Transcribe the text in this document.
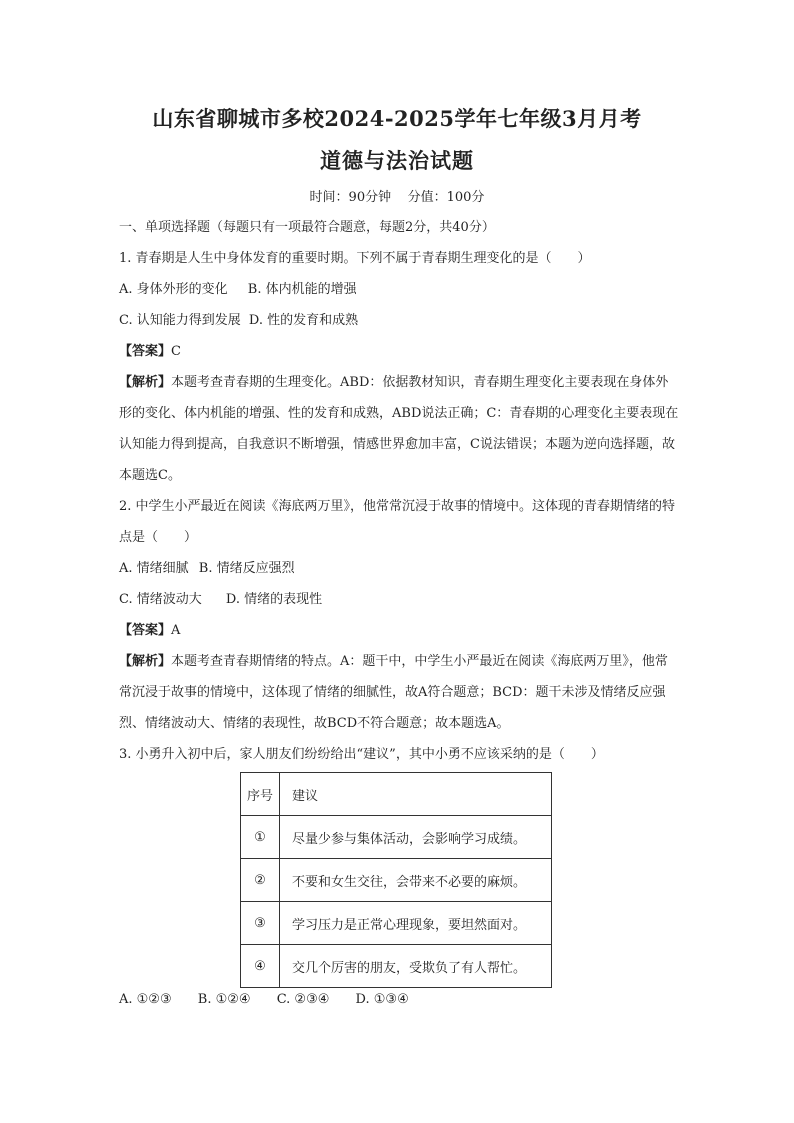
山东省聊城市多校2024-2025学年七年级3月月考
道德与法治试题
时间：90分钟    分值：100分

一、单项选择题（每题只有一项最符合题意，每题2分，共40分）

1. 青春期是人生中身体发育的重要时期。下列不属于青春期生理变化的是（　　）

A. 身体外形的变化 B. 体内机能的增强

C. 认知能力得到发展 D. 性的发育和成熟

【答案】C

【解析】本题考查青春期的生理变化。ABD：依据教材知识，青春期生理变化主要表现在身体外形的变化、体内机能的增强、性的发育和成熟，ABD说法正确；C：青春期的心理变化主要表现在认知能力得到提高，自我意识不断增强，情感世界愈加丰富，C说法错误；本题为逆向选择题，故本题选C。

2. 中学生小严最近在阅读《海底两万里》，他常常沉浸于故事的情境中。这体现的青春期情绪的特点是（　　）

A. 情绪细腻 B. 情绪反应强烈

C. 情绪波动大 D. 情绪的表现性

【答案】A

【解析】本题考查青春期情绪的特点。A：题干中，中学生小严最近在阅读《海底两万里》，他常常沉浸于故事的情境中，这体现了情绪的细腻性，故A符合题意；BCD：题干未涉及情绪反应强烈、情绪波动大、情绪的表现性，故BCD不符合题意；故本题选A。

3. 小勇升入初中后，家人朋友们纷纷给出“建议”，其中小勇不应该采纳的是（　　）

序号	建议
①	尽量少参与集体活动，会影响学习成绩。
②	不要和女生交往，会带来不必要的麻烦。
③	学习压力是正常心理现象，要坦然面对。
④	交几个厉害的朋友，受欺负了有人帮忙。
A. ①②③ B. ①②④ C. ②③④ D. ①③④
